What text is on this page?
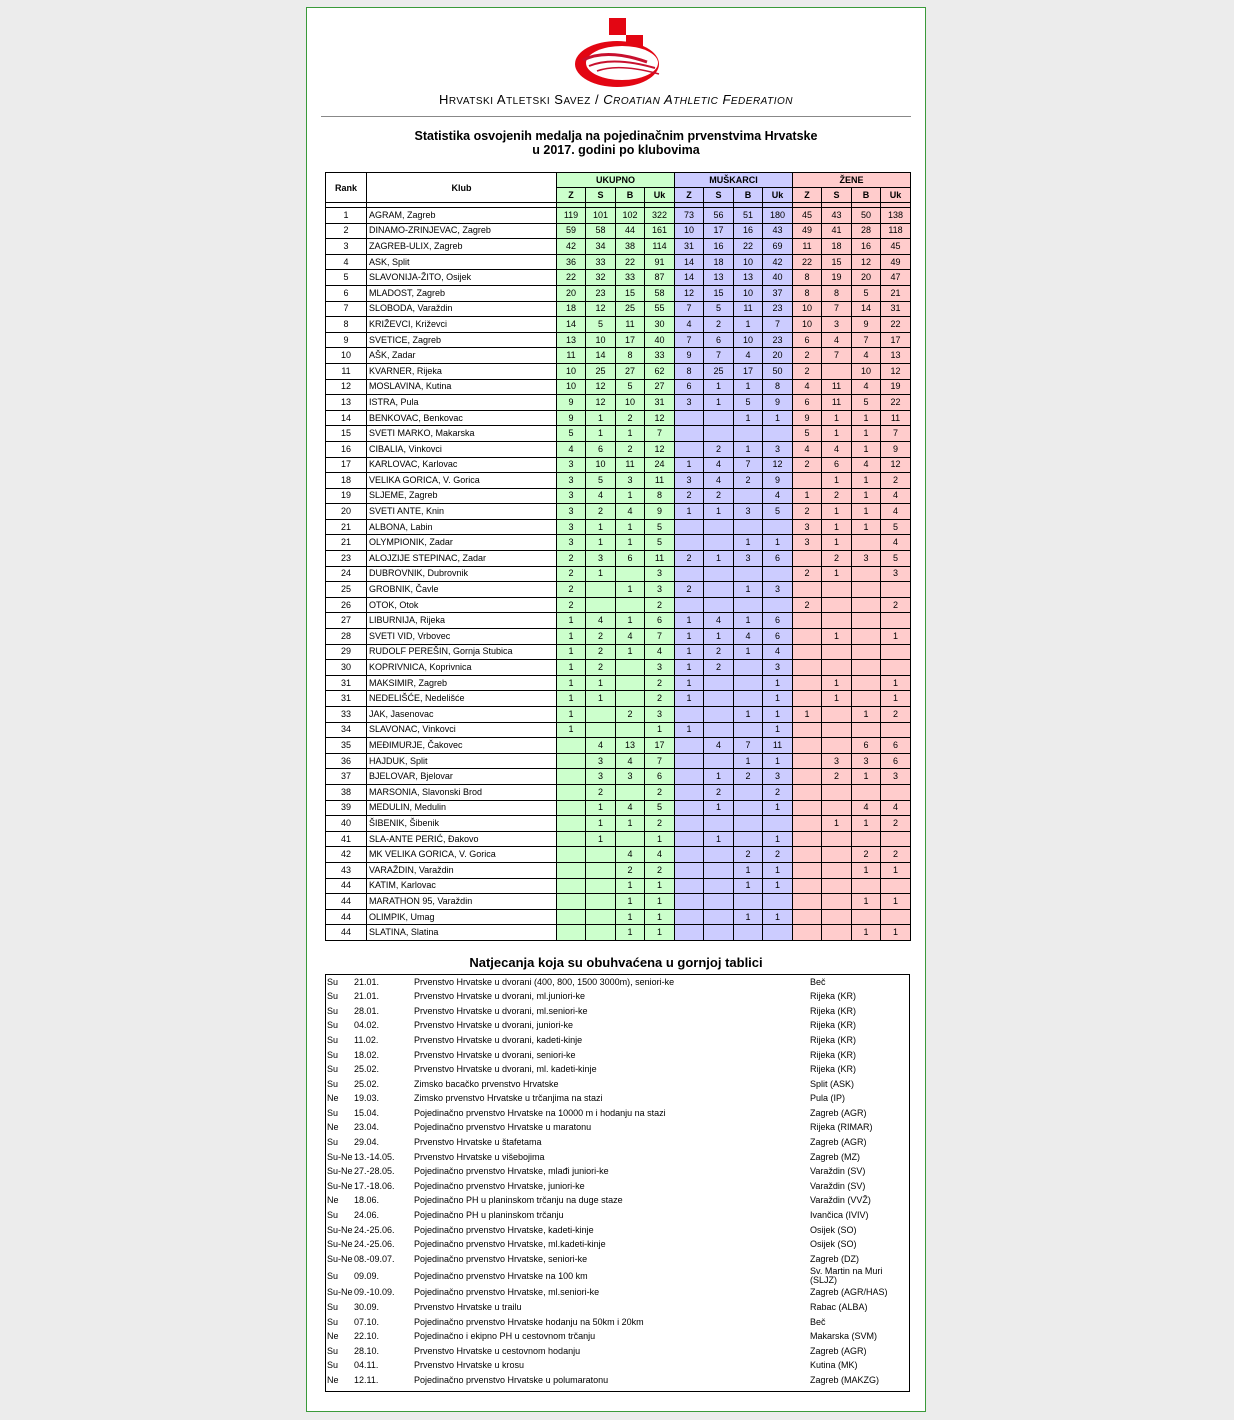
HRVATSKI ATLETSKI SAVEZ / CROATIAN ATHLETIC FEDERATION
Statistika osvojenih medalja na pojedinačnim prvenstvima Hrvatske
u 2017. godini po klubovima
Rank	Klub	UKUPNO				MUŠKARCI				ŽENE			
		Z	S	B	Uk	Z	S	B	Uk	Z	S	B	Uk

1	AGRAM, Zagreb	119	101	102	322	73	56	51	180	45	43	50	138
2	DINAMO-ZRINJEVAC, Zagreb	59	58	44	161	10	17	16	43	49	41	28	118
3	ZAGREB-ULIX, Zagreb	42	34	38	114	31	16	22	69	11	18	16	45
4	ASK, Split	36	33	22	91	14	18	10	42	22	15	12	49
5	SLAVONIJA-ŽITO, Osijek	22	32	33	87	14	13	13	40	8	19	20	47
6	MLADOST, Zagreb	20	23	15	58	12	15	10	37	8	8	5	21
7	SLOBODA, Varaždin	18	12	25	55	7	5	11	23	10	7	14	31
8	KRIŽEVCI, Križevci	14	5	11	30	4	2	1	7	10	3	9	22
9	SVETICE, Zagreb	13	10	17	40	7	6	10	23	6	4	7	17
10	AŠK, Zadar	11	14	8	33	9	7	4	20	2	7	4	13
11	KVARNER, Rijeka	10	25	27	62	8	25	17	50	2		10	12
12	MOSLAVINA, Kutina	10	12	5	27	6	1	1	8	4	11	4	19
13	ISTRA, Pula	9	12	10	31	3	1	5	9	6	11	5	22
14	BENKOVAC, Benkovac	9	1	2	12			1	1	9	1	1	11
15	SVETI MARKO, Makarska	5	1	1	7					5	1	1	7
16	CIBALIA, Vinkovci	4	6	2	12		2	1	3	4	4	1	9
17	KARLOVAC, Karlovac	3	10	11	24	1	4	7	12	2	6	4	12
18	VELIKA GORICA, V. Gorica	3	5	3	11	3	4	2	9		1	1	2
19	SLJEME, Zagreb	3	4	1	8	2	2		4	1	2	1	4
20	SVETI ANTE, Knin	3	2	4	9	1	1	3	5	2	1	1	4
21	ALBONA, Labin	3	1	1	5					3	1	1	5
21	OLYMPIONIK, Zadar	3	1	1	5			1	1	3	1		4
23	ALOJZIJE STEPINAC, Zadar	2	3	6	11	2	1	3	6		2	3	5
24	DUBROVNIK, Dubrovnik	2	1		3					2	1		3
25	GROBNIK, Čavle	2		1	3	2		1	3				
26	OTOK, Otok	2			2					2			2
27	LIBURNIJA, Rijeka	1	4	1	6	1	4	1	6				
28	SVETI VID, Vrbovec	1	2	4	7	1	1	4	6		1		1
29	RUDOLF PEREŠIN, Gornja Stubica	1	2	1	4	1	2	1	4				
30	KOPRIVNICA, Koprivnica	1	2		3	1	2		3				
31	MAKSIMIR, Zagreb	1	1		2	1			1		1		1
31	NEDELIŠĆE, Nedelišće	1	1		2	1			1		1		1
33	JAK, Jasenovac	1		2	3			1	1	1		1	2
34	SLAVONAC, Vinkovci	1			1	1			1				
35	MEĐIMURJE, Čakovec		4	13	17		4	7	11			6	6
36	HAJDUK, Split		3	4	7			1	1		3	3	6
37	BJELOVAR, Bjelovar		3	3	6		1	2	3		2	1	3
38	MARSONIA, Slavonski Brod		2		2		2		2				
39	MEDULIN, Medulin		1	4	5		1		1			4	4
40	ŠIBENIK, Šibenik		1	1	2						1	1	2
41	SLA-ANTE PERIĆ, Đakovo		1		1		1		1				
42	MK VELIKA GORICA, V. Gorica			4	4			2	2			2	2
43	VARAŽDIN, Varaždin			2	2			1	1			1	1
44	KATIM, Karlovac			1	1			1	1				
44	MARATHON 95, Varaždin			1	1							1	1
44	OLIMPIK, Umag			1	1			1	1				
44	SLATINA, Slatina			1	1							1	1
Natjecanja koja su obuhvaćena u gornjoj tablici
Su	21.01.	Prvenstvo Hrvatske u dvorani (400, 800, 1500 3000m), seniori-ke	Beč
Su	21.01.	Prvenstvo Hrvatske u dvorani, ml.juniori-ke	Rijeka (KR)
Su	28.01.	Prvenstvo Hrvatske u dvorani, ml.seniori-ke	Rijeka (KR)
Su	04.02.	Prvenstvo Hrvatske u dvorani, juniori-ke	Rijeka (KR)
Su	11.02.	Prvenstvo Hrvatske u dvorani, kadeti-kinje	Rijeka (KR)
Su	18.02.	Prvenstvo Hrvatske u dvorani, seniori-ke	Rijeka (KR)
Su	25.02.	Prvenstvo Hrvatske u dvorani, ml. kadeti-kinje	Rijeka (KR)
Su	25.02.	Zimsko bacačko prvenstvo Hrvatske	Split (ASK)
Ne	19.03.	Zimsko prvenstvo Hrvatske u trčanjima na stazi	Pula (IP)
Su	15.04.	Pojedinačno prvenstvo Hrvatske na 10000 m i hodanju na stazi	Zagreb (AGR)
Ne	23.04.	Pojedinačno prvenstvo Hrvatske u maratonu	Rijeka (RIMAR)
Su	29.04.	Prvenstvo Hrvatske u štafetama	Zagreb (AGR)
Su-Ne	13.-14.05.	Prvenstvo Hrvatske u višebojima	Zagreb (MZ)
Su-Ne	27.-28.05.	Pojedinačno prvenstvo Hrvatske, mlađi juniori-ke	Varaždin (SV)
Su-Ne	17.-18.06.	Pojedinačno prvenstvo Hrvatske, juniori-ke	Varaždin (SV)
Ne	18.06.	Pojedinačno PH u planinskom trčanju na duge staze	Varaždin (VVŽ)
Su	24.06.	Pojedinačno PH u planinskom trčanju	Ivančica (IVIV)
Su-Ne	24.-25.06.	Pojedinačno prvenstvo Hrvatske, kadeti-kinje	Osijek (SO)
Su-Ne	24.-25.06.	Pojedinačno prvenstvo Hrvatske, ml.kadeti-kinje	Osijek (SO)
Su-Ne	08.-09.07.	Pojedinačno prvenstvo Hrvatske, seniori-ke	Zagreb (DZ)
Su	09.09.	Pojedinačno prvenstvo Hrvatske na 100 km	Sv. Martin na Muri (SLJZ)
Su-Ne	09.-10.09.	Pojedinačno prvenstvo Hrvatske, ml.seniori-ke	Zagreb (AGR/HAS)
Su	30.09.	Prvenstvo Hrvatske u trailu	Rabac (ALBA)
Su	07.10.	Pojedinačno prvenstvo Hrvatske hodanju na 50km i 20km	Beč
Ne	22.10.	Pojedinačno i ekipno PH u cestovnom trčanju	Makarska (SVM)
Su	28.10.	Prvenstvo Hrvatske u cestovnom hodanju	Zagreb (AGR)
Su	04.11.	Prvenstvo Hrvatske u krosu	Kutina (MK)
Ne	12.11.	Pojedinačno prvenstvo Hrvatske u polumaratonu	Zagreb (MAKZG)
